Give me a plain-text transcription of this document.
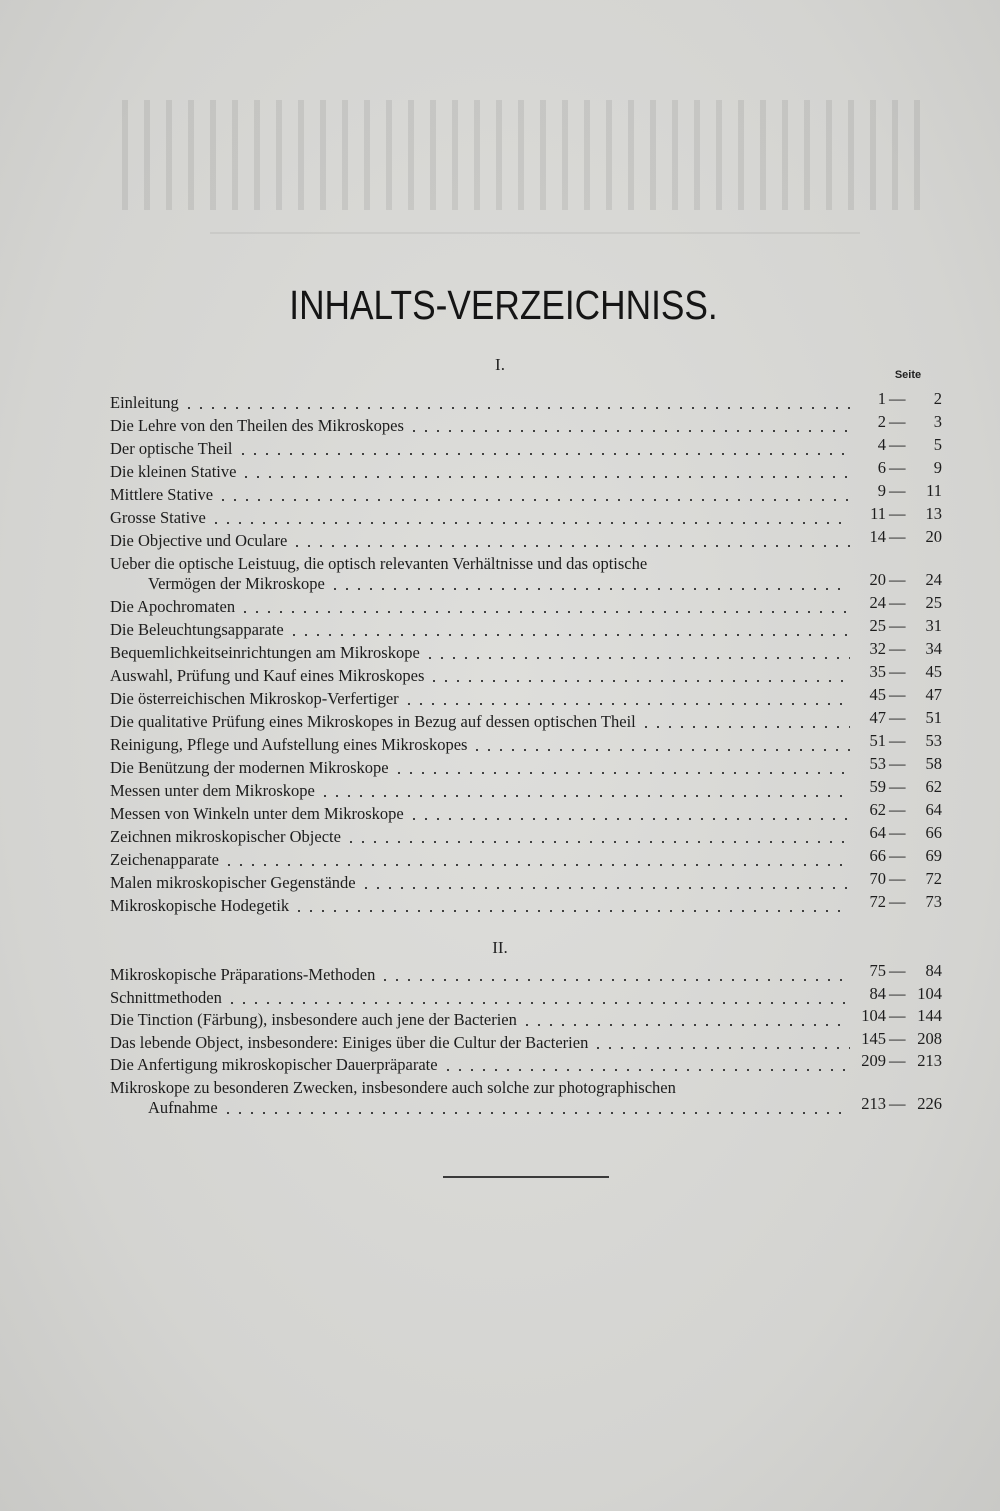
INHALTS-VERZEICHNISS.
I.
Seite
Einleitung	1 —	2
Die Lehre von den Theilen des Mikroskopes	2 —	3
Der optische Theil	4 —	5
Die kleinen Stative	6 —	9
Mittlere Stative	9 —	11
Grosse Stative	11 —	13
Die Objective und Oculare	14 —	20
Ueber die optische Leistuug, die optisch relevanten Verhältnisse und das optische
Vermögen der Mikroskope	20 —	24
Die Apochromaten	24 —	25
Die Beleuchtungsapparate	25 —	31
Bequemlichkeitseinrichtungen am Mikroskope	32 —	34
Auswahl, Prüfung und Kauf eines Mikroskopes	35 —	45
Die österreichischen Mikroskop-Verfertiger	45 —	47
Die qualitative Prüfung eines Mikroskopes in Bezug auf dessen optischen Theil	47 —	51
Reinigung, Pflege und Aufstellung eines Mikroskopes	51 —	53
Die Benützung der modernen Mikroskope	53 —	58
Messen unter dem Mikroskope	59 —	62
Messen von Winkeln unter dem Mikroskope	62 —	64
Zeichnen mikroskopischer Objecte	64 —	66
Zeichenapparate	66 —	69
Malen mikroskopischer Gegenstände	70 —	72
Mikroskopische Hodegetik	72 —	73
II.
Mikroskopische Präparations-Methoden	75 —	84
Schnittmethoden	84 — 104
Die Tinction (Färbung), insbesondere auch jene der Bacterien	104 — 144
Das lebende Object, insbesondere: Einiges über die Cultur der Bacterien	145 — 208
Die Anfertigung mikroskopischer Dauerpräparate	209 — 213
Mikroskope zu besonderen Zwecken, insbesondere auch solche zur photographischen
Aufnahme	213 — 226
